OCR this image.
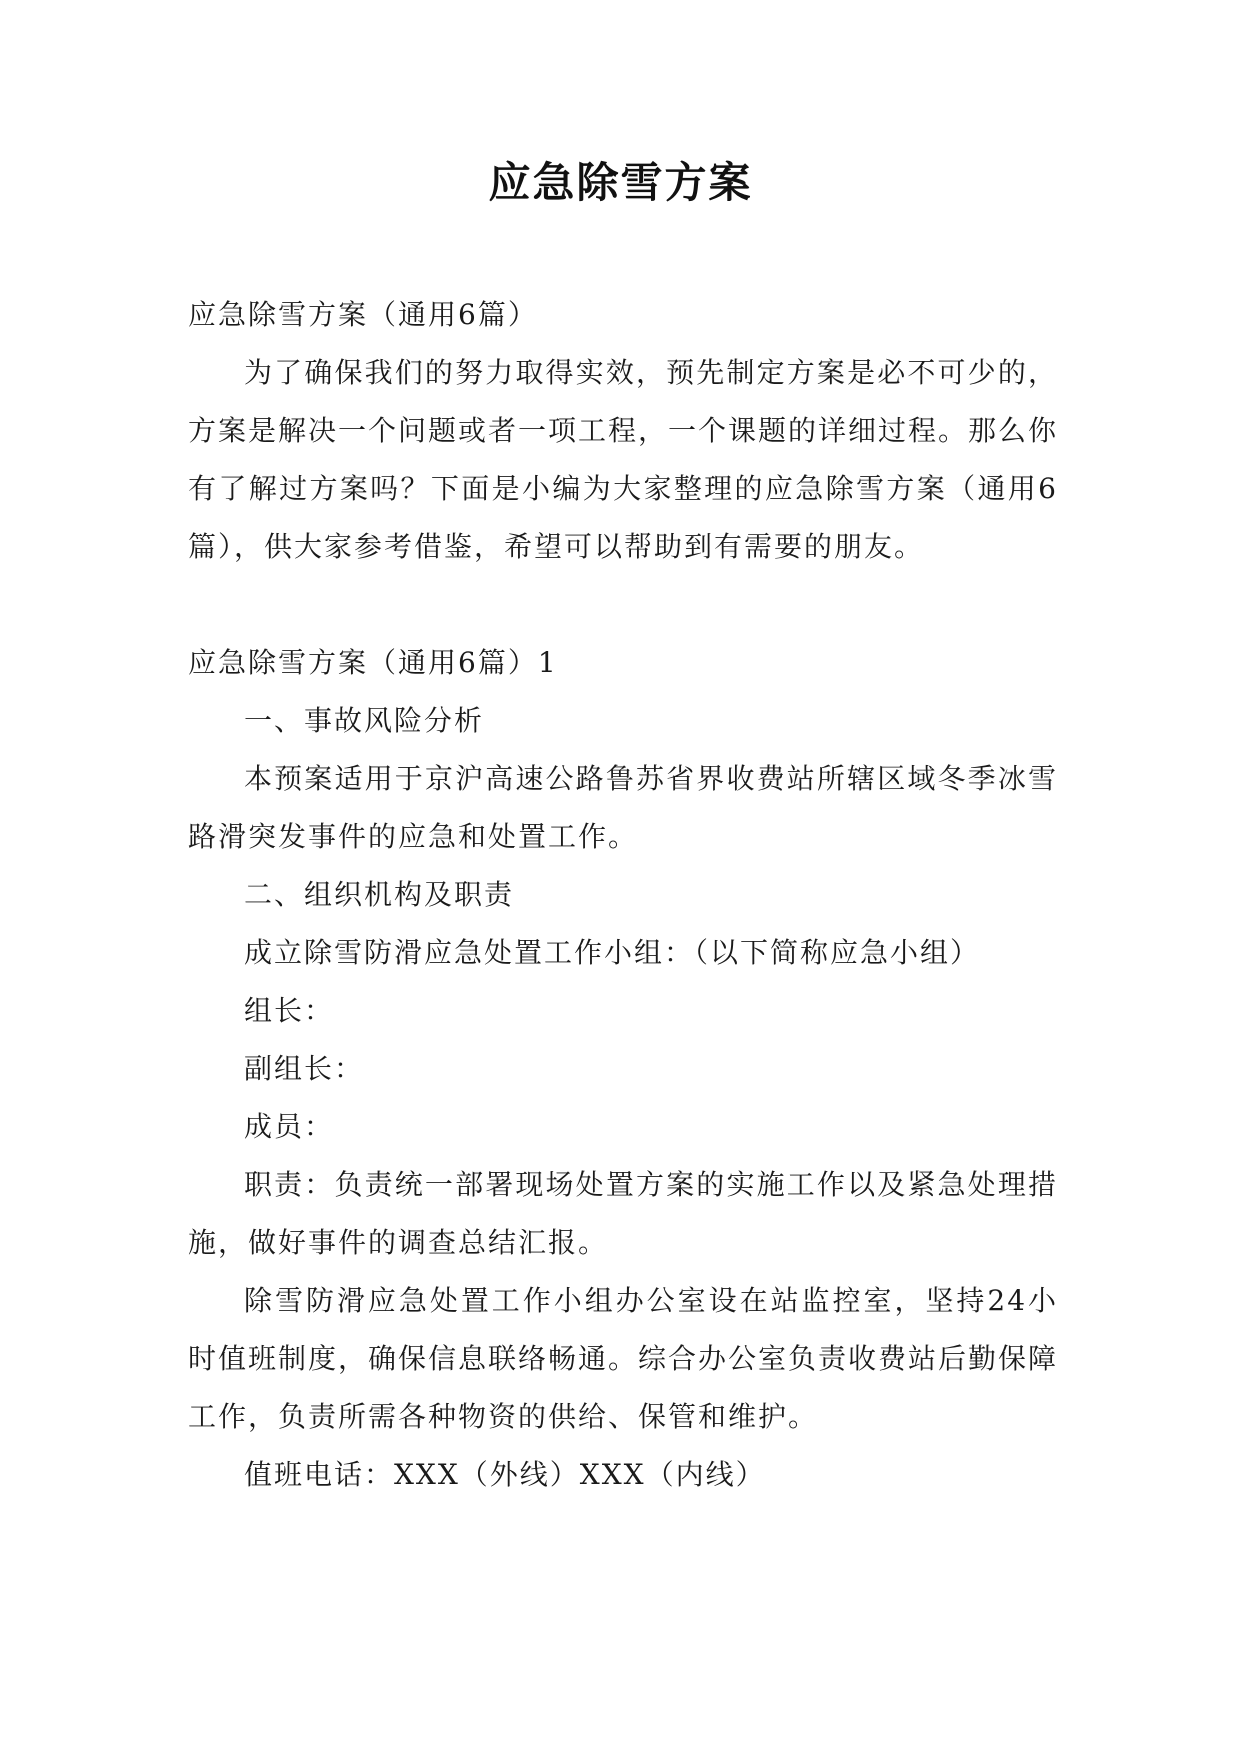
应急除雪方案

应急除雪方案（通用6篇）

为了确保我们的努力取得实效，预先制定方案是必不可少的，方案是解决一个问题或者一项工程，一个课题的详细过程。那么你有了解过方案吗？下面是小编为大家整理的应急除雪方案（通用6篇），供大家参考借鉴，希望可以帮助到有需要的朋友。

应急除雪方案（通用6篇）1

一、事故风险分析

本预案适用于京沪高速公路鲁苏省界收费站所辖区域冬季冰雪路滑突发事件的应急和处置工作。

二、组织机构及职责

成立除雪防滑应急处置工作小组：（以下简称应急小组）

组长：

副组长：

成员：

职责：负责统一部署现场处置方案的实施工作以及紧急处理措施，做好事件的调查总结汇报。

除雪防滑应急处置工作小组办公室设在站监控室，坚持24小时值班制度，确保信息联络畅通。综合办公室负责收费站后勤保障工作，负责所需各种物资的供给、保管和维护。

值班电话：XXX（外线）XXX（内线）
